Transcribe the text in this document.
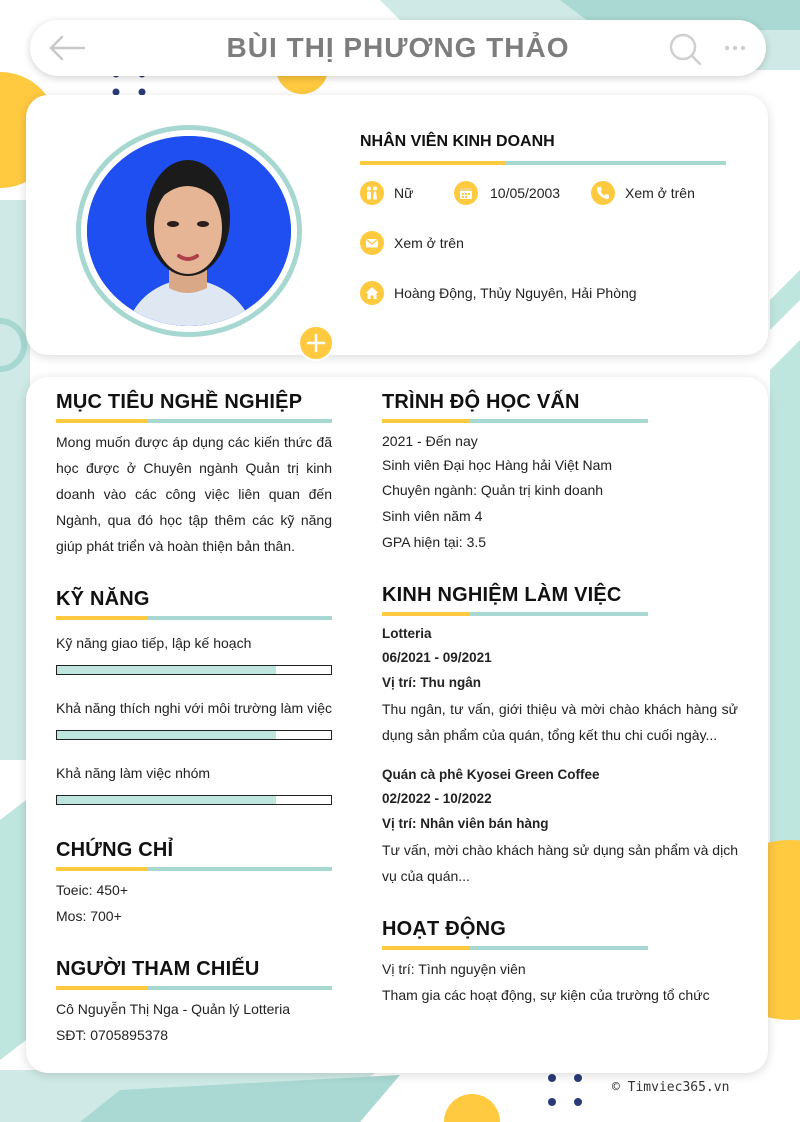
BÙI THỊ PHƯƠNG THẢO
NHÂN VIÊN KINH DOANH
Nữ	10/05/2003	Xem ở trên
Xem ở trên
Hoàng Động, Thủy Nguyên, Hải Phòng
MỤC TIÊU NGHỀ NGHIỆP
Mong muốn được áp dụng các kiến thức đã học được ở Chuyên ngành Quản trị kinh doanh vào các công việc liên quan đến Ngành, qua đó học tập thêm các kỹ năng giúp phát triển và hoàn thiện bản thân.
KỸ NĂNG
Kỹ năng giao tiếp, lập kế hoạch
Khả năng thích nghi với môi trường làm việc
Khả năng làm việc nhóm
CHỨNG CHỈ
Toeic: 450+
Mos: 700+
NGƯỜI THAM CHIẾU
Cô Nguyễn Thị Nga - Quản lý Lotteria
SĐT: 0705895378
TRÌNH ĐỘ HỌC VẤN
2021 - Đến nay
Sinh viên Đại học Hàng hải Việt Nam
Chuyên ngành: Quản trị kinh doanh
Sinh viên năm 4
GPA hiện tại: 3.5
KINH NGHIỆM LÀM VIỆC
Lotteria
06/2021 - 09/2021
Vị trí: Thu ngân
Thu ngân, tư vấn, giới thiệu và mời chào khách hàng sử dụng sản phẩm của quán, tổng kết thu chi cuối ngày...
Quán cà phê Kyosei Green Coffee
02/2022 - 10/2022
Vị trí: Nhân viên bán hàng
Tư vấn, mời chào khách hàng sử dụng sản phẩm và dịch vụ của quán...
HOẠT ĐỘNG
Vị trí: Tình nguyện viên
Tham gia các hoạt động, sự kiện của trường tổ chức
© Timviec365.vn
